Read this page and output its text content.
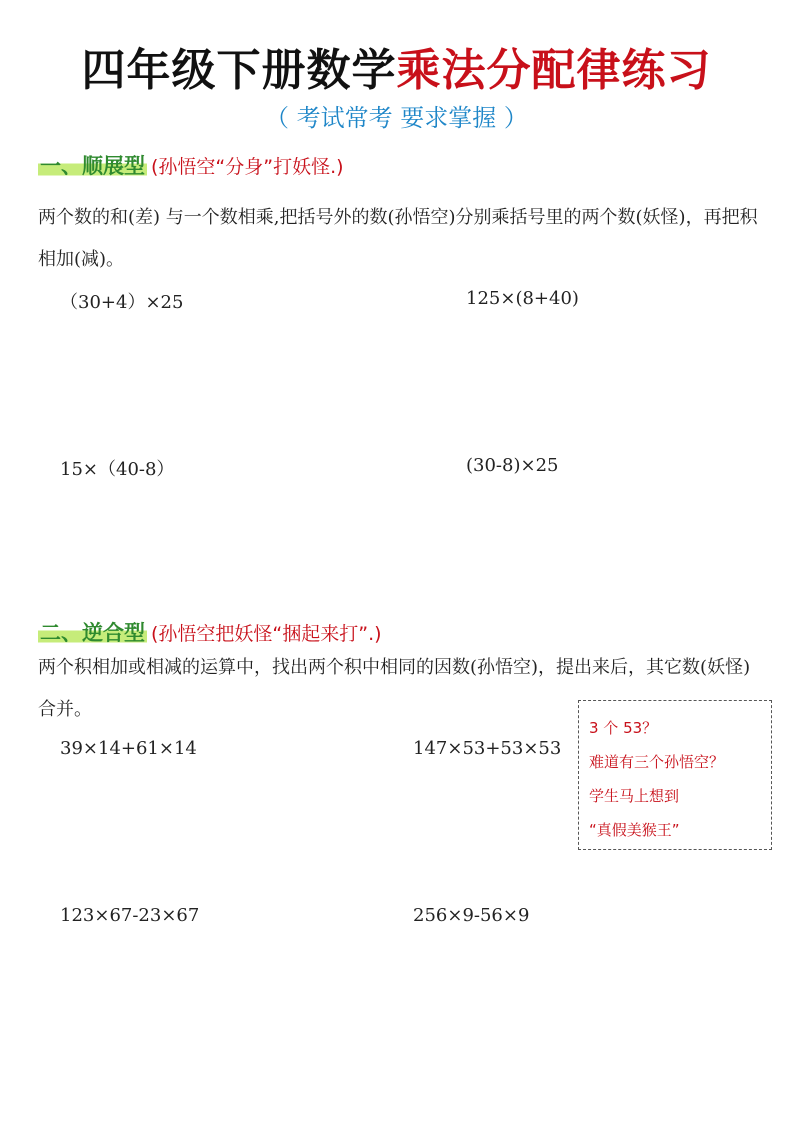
四年级下册数学乘法分配律练习
（ 考试常考 要求掌握 ）
一、顺展型 (孙悟空“分身”打妖怪.)
两个数的和(差) 与一个数相乘,把括号外的数(孙悟空)分别乘括号里的两个数(妖怪)，再把积相加(减)。
（30+4）×25	125×(8+40)
15×（40-8）	(30-8)×25
二、逆合型 (孙悟空把妖怪“捆起来打”.)
两个积相加或相减的运算中，找出两个积中相同的因数(孙悟空)，提出来后，其它数(妖怪) 合并。
39×14+61×14	147×53+53×53
123×67-23×67	256×9-56×9
3 个 53？
难道有三个孙悟空？
学生马上想到
“真假美猴王”
